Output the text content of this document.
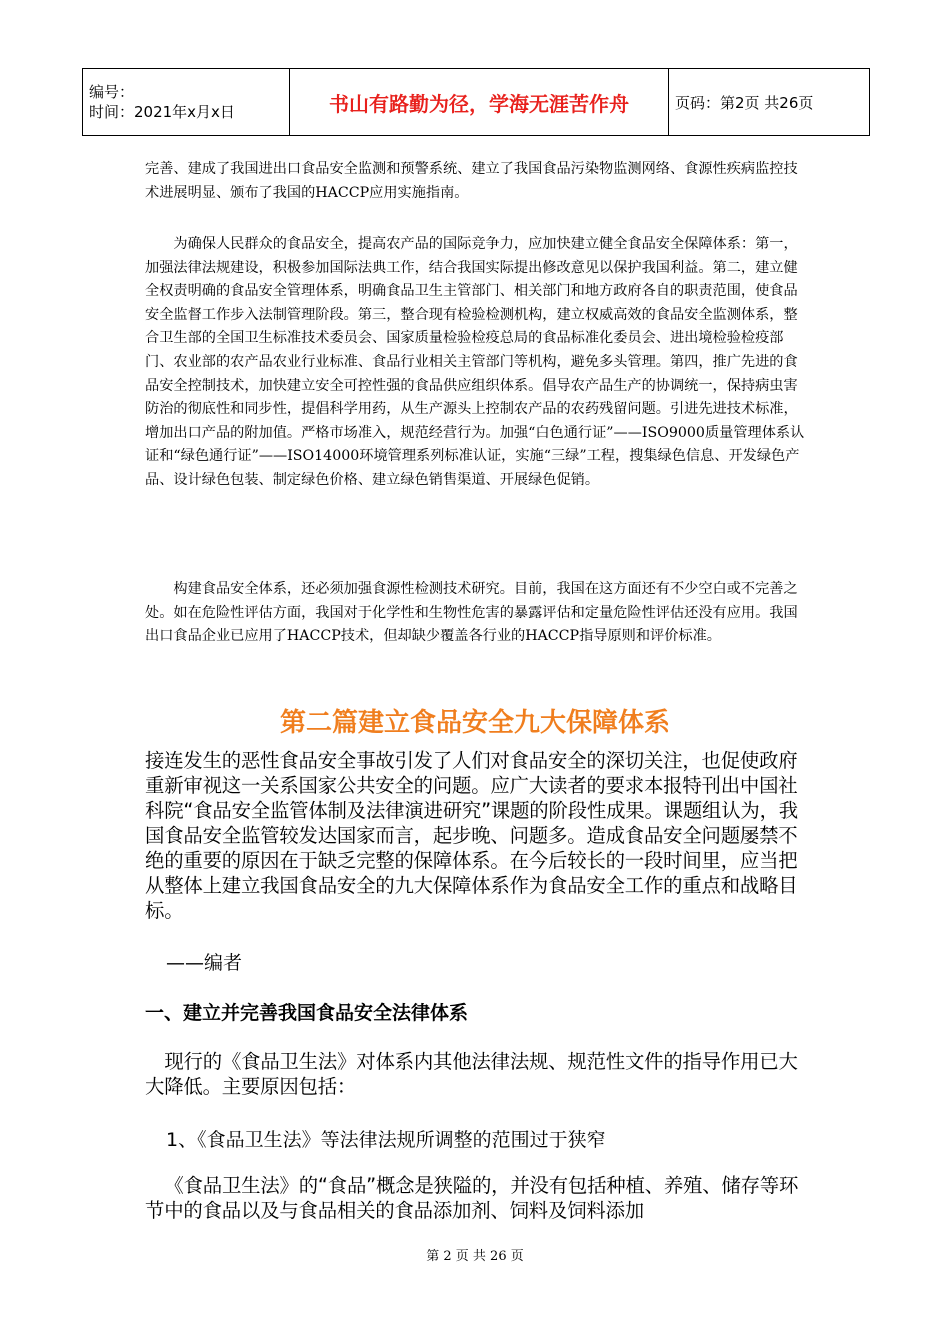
编号：
时间：2021年x月x日	书山有路勤为径，学海无涯苦作舟	页码：第2页 共26页

完善、建成了我国进出口食品安全监测和预警系统、建立了我国食品污染物监测网络、食源性疾病监控技术进展明显、颁布了我国的HACCP应用实施指南。

为确保人民群众的食品安全，提高农产品的国际竞争力，应加快建立健全食品安全保障体系：第一，加强法律法规建设，积极参加国际法典工作，结合我国实际提出修改意见以保护我国利益。第二，建立健全权责明确的食品安全管理体系，明确食品卫生主管部门、相关部门和地方政府各自的职责范围，使食品安全监督工作步入法制管理阶段。第三，整合现有检验检测机构，建立权威高效的食品安全监测体系，整合卫生部的全国卫生标准技术委员会、国家质量检验检疫总局的食品标准化委员会、进出境检验检疫部门、农业部的农产品农业行业标准、食品行业相关主管部门等机构，避免多头管理。第四，推广先进的食品安全控制技术，加快建立安全可控性强的食品供应组织体系。倡导农产品生产的协调统一，保持病虫害防治的彻底性和同步性，提倡科学用药，从生产源头上控制农产品的农药残留问题。引进先进技术标准，增加出口产品的附加值。严格市场准入，规范经营行为。加强“白色通行证”——ISO9000质量管理体系认证和“绿色通行证”——ISO14000环境管理系列标准认证，实施“三绿”工程，搜集绿色信息、开发绿色产品、设计绿色包装、制定绿色价格、建立绿色销售渠道、开展绿色促销。

构建食品安全体系，还必须加强食源性检测技术研究。目前，我国在这方面还有不少空白或不完善之处。如在危险性评估方面，我国对于化学性和生物性危害的暴露评估和定量危险性评估还没有应用。我国出口食品企业已应用了HACCP技术，但却缺少覆盖各行业的HACCP指导原则和评价标准。

第二篇建立食品安全九大保障体系

接连发生的恶性食品安全事故引发了人们对食品安全的深切关注，也促使政府重新审视这一关系国家公共安全的问题。应广大读者的要求本报特刊出中国社科院“食品安全监管体制及法律演进研究”课题的阶段性成果。课题组认为，我国食品安全监管较发达国家而言，起步晚、问题多。造成食品安全问题屡禁不绝的重要的原因在于缺乏完整的保障体系。在今后较长的一段时间里，应当把从整体上建立我国食品安全的九大保障体系作为食品安全工作的重点和战略目标。

——编者
一、建立并完善我国食品安全法律体系

现行的《食品卫生法》对体系内其他法律法规、规范性文件的指导作用已大大降低。主要原因包括：

1、《食品卫生法》等法律法规所调整的范围过于狭窄

《食品卫生法》的“食品”概念是狭隘的，并没有包括种植、养殖、储存等环节中的食品以及与食品相关的食品添加剂、饲料及饲料添加

第 2 页 共 26 页
